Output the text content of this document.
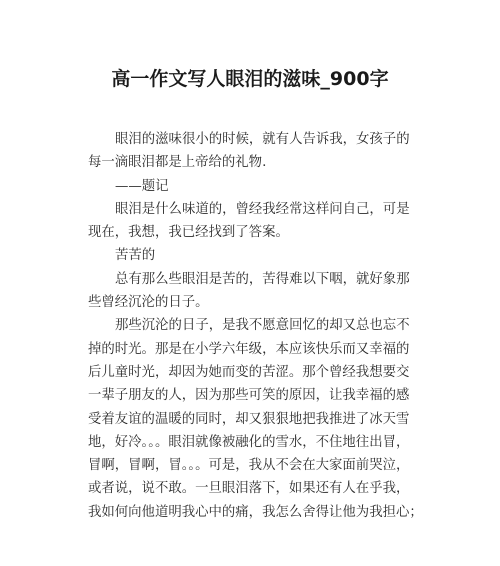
高一作文写人眼泪的滋味_900字
眼泪的滋味很小的时候，就有人告诉我，女孩子的
每一滴眼泪都是上帝给的礼物.
——题记
眼泪是什么味道的，曾经我经常这样问自己，可是
现在，我想，我已经找到了答案。
苦苦的
总有那么些眼泪是苦的，苦得难以下咽，就好象那
些曾经沉沦的日子。
那些沉沦的日子，是我不愿意回忆的却又总也忘不
掉的时光。那是在小学六年级，本应该快乐而又幸福的
后儿童时光，却因为她而变的苦涩。那个曾经我想要交
一辈子朋友的人，因为那些可笑的原因，让我幸福的感
受着友谊的温暖的同时，却又狠狠地把我推进了冰天雪
地，好冷。。。眼泪就像被融化的雪水，不住地往出冒，
冒啊，冒啊，冒。。。可是，我从不会在大家面前哭泣，
或者说，说不敢。一旦眼泪落下，如果还有人在乎我，
我如何向他道明我心中的痛，我怎么舍得让他为我担心；
